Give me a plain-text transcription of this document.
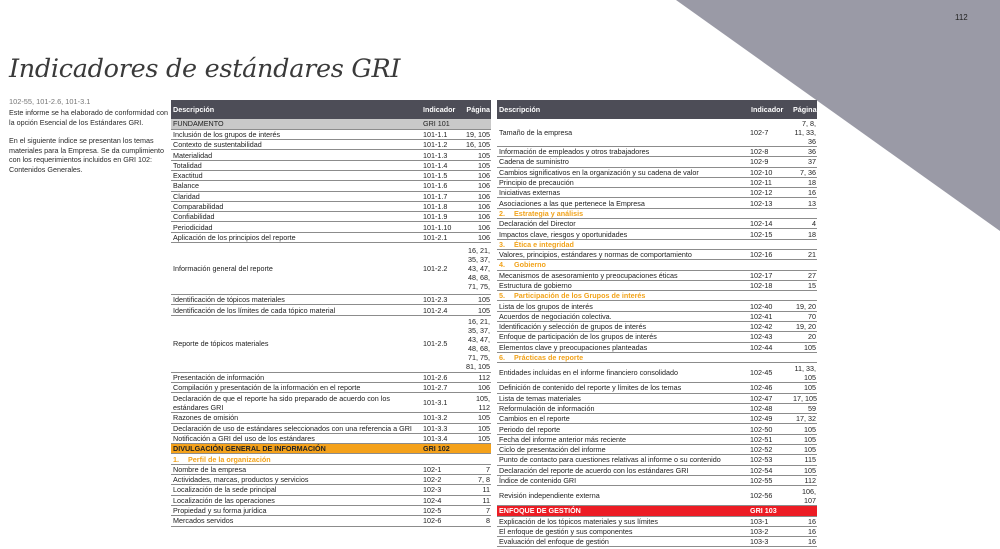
112
Indicadores de estándares GRI
102-55, 101-2.6, 101-3.1

Este informe se ha elaborado de conformidad con la opción Esencial de los Estándares GRI.

En el siguiente índice se presentan los temas materiales para la Empresa. Se da cumplimiento con los requerimientos incluidos en GRI 102: Contenidos Generales.

Descripción	Indicador	Página
FUNDAMENTO	GRI 101	
Inclusión de los grupos de interés	101-1.1	19, 105
Contexto de sustentabilidad	101-1.2	16, 105
Materialidad	101-1.3	105
Totalidad	101-1.4	105
Exactitud	101-1.5	106
Balance	101-1.6	106
Claridad	101-1.7	106
Comparabilidad	101-1.8	106
Confiabilidad	101-1.9	106
Periodicidad	101-1.10	106
Aplicación de los principios del reporte	101-2.1	106
Información general del reporte	101-2.2	16, 21, 35, 37, 43, 47, 48, 68, 71, 75,
Identificación de tópicos materiales	101-2.3	105
Identificación de los límites de cada tópico material	101-2.4	105
Reporte de tópicos materiales	101-2.5	16, 21, 35, 37, 43, 47, 48, 68, 71, 75, 81, 105
Presentación de información	101-2.6	112
Compilación y presentación de la información en el reporte	101-2.7	106
Declaración de que el reporte ha sido preparado de acuerdo con los estándares GRI	101-3.1	105, 112
Razones de omisión	101-3.2	105
Declaración de uso de estándares seleccionados con una referencia a GRI	101-3.3	105
Notificación a GRI del uso de los estándares	101-3.4	105
DIVULGACIÓN GENERAL DE INFORMACIÓN	GRI 102	
1. Perfil de la organización		
Nombre de la empresa	102-1	7
Actividades, marcas, productos y servicios	102-2	7, 8
Localización de la sede principal	102-3	11
Localización de las operaciones	102-4	11
Propiedad y su forma jurídica	102-5	7
Mercados servidos	102-6	8
Descripción	Indicador	Página
Tamaño de la empresa	102-7	7, 8, 11, 33, 36
Información de empleados y otros trabajadores	102-8	36
Cadena de suministro	102-9	37
Cambios significativos en la organización y su cadena de valor	102-10	7, 36
Principio de precaución	102-11	18
Iniciativas externas	102-12	16
Asociaciones a las que pertenece la Empresa	102-13	13
2. Estrategia y análisis		
Declaración del Director	102-14	4
Impactos clave, riesgos y oportunidades	102-15	18
3. Ética e integridad		
Valores, principios, estándares y normas de comportamiento	102-16	21
4. Gobierno		
Mecanismos de asesoramiento y preocupaciones éticas	102-17	27
Estructura de gobierno	102-18	15
5. Participación de los Grupos de interés		
Lista de los grupos de interés	102-40	19, 20
Acuerdos de negociación colectiva.	102-41	70
Identificación y selección de grupos de interés	102-42	19, 20
Enfoque de participación de los grupos de interés	102-43	20
Elementos clave y preocupaciones planteadas	102-44	105
6. Prácticas de reporte		
Entidades incluidas en el informe financiero consolidado	102-45	11, 33, 105
Definición de contenido del reporte y límites de los temas	102-46	105
Lista de temas materiales	102-47	17, 105
Reformulación de información	102-48	59
Cambios en el reporte	102-49	17, 32
Periodo del reporte	102-50	105
Fecha del informe anterior más reciente	102-51	105
Ciclo de presentación del informe	102-52	105
Punto de contacto para cuestiones relativas al informe o su contenido	102-53	115
Declaración del reporte de acuerdo con los estándares GRI	102-54	105
Índice de contenido GRI	102-55	112
Revisión independiente externa	102-56	106, 107
ENFOQUE DE GESTIÓN	GRI 103	
Explicación de los tópicos materiales y sus límites	103-1	16
El enfoque de gestión y sus componentes	103-2	16
Evaluación del enfoque de gestión	103-3	16
